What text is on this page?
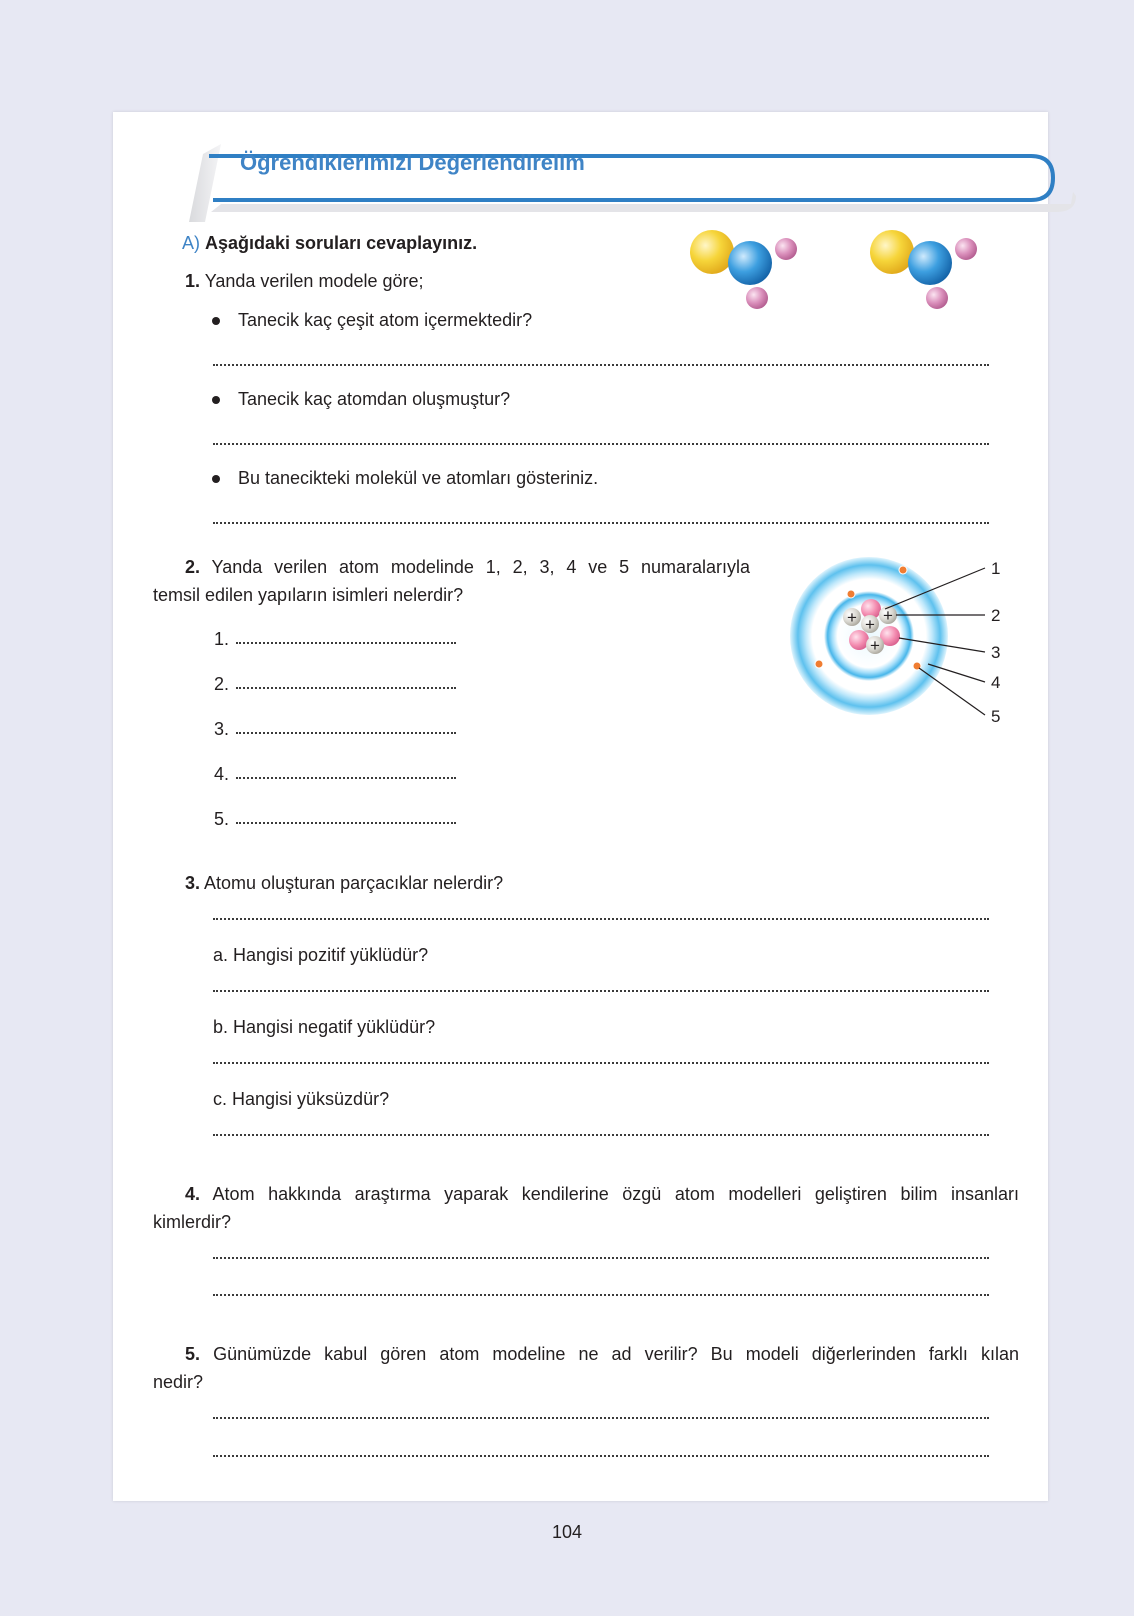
Öğrendiklerimizi Değerlendirelim
A) Aşağıdaki soruları cevaplayınız.
1. Yanda verilen modele göre;
Tanecik kaç çeşit atom içermektedir?
Tanecik kaç atomdan oluşmuştur?
Bu tanecikteki molekül ve atomları gösteriniz.
2. Yanda verilen atom modelinde 1, 2, 3, 4 ve 5 numaralarıyla
temsil edilen yapıların isimleri nelerdir?
1.
2.
3.
4.
5.
+ +
+
+
1
2
3
4
5
3. Atomu oluşturan parçacıklar nelerdir?
a. Hangisi pozitif yüklüdür?
b. Hangisi negatif yüklüdür?
c. Hangisi yüksüzdür?
4. Atom hakkında araştırma yaparak kendilerine özgü atom modelleri geliştiren bilim insanları
kimlerdir?
5. Günümüzde kabul gören atom modeline ne ad verilir? Bu modeli diğerlerinden farklı kılan
nedir?
104
